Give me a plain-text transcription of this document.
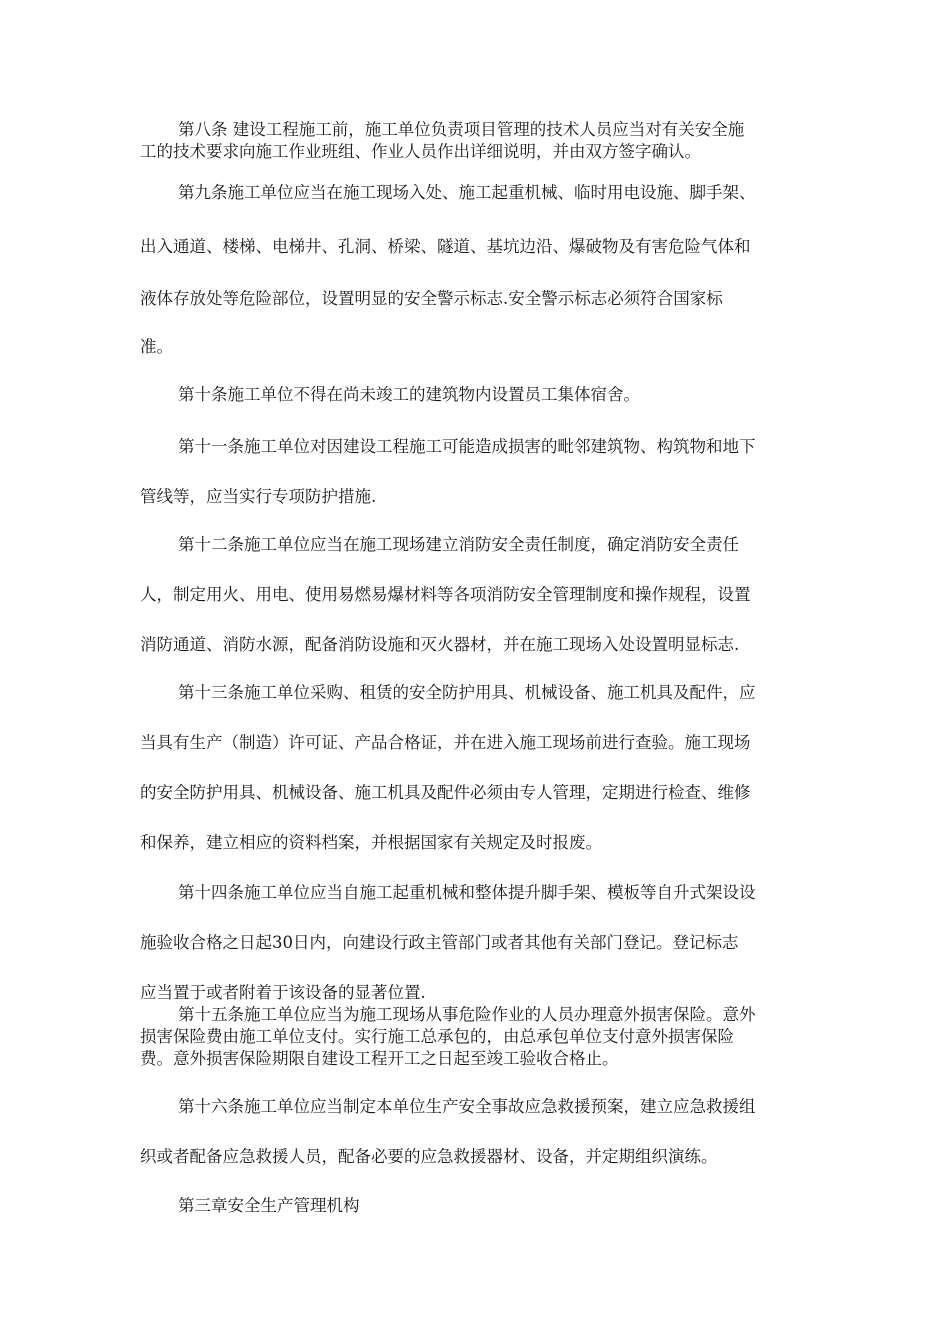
第八条 建设工程施工前，施工单位负责项目管理的技术人员应当对有关安全施
工的技术要求向施工作业班组、作业人员作出详细说明，并由双方签字确认。
第九条施工单位应当在施工现场入处、施工起重机械、临时用电设施、脚手架、
出入通道、楼梯、电梯井、孔洞、桥梁、隧道、基坑边沿、爆破物及有害危险气体和
液体存放处等危险部位，设置明显的安全警示标志.安全警示标志必须符合国家标
准。
第十条施工单位不得在尚未竣工的建筑物内设置员工集体宿舍。
第十一条施工单位对因建设工程施工可能造成损害的毗邻建筑物、构筑物和地下
管线等，应当实行专项防护措施.
第十二条施工单位应当在施工现场建立消防安全责任制度，确定消防安全责任
人，制定用火、用电、使用易燃易爆材料等各项消防安全管理制度和操作规程，设置
消防通道、消防水源，配备消防设施和灭火器材，并在施工现场入处设置明显标志.
第十三条施工单位采购、租赁的安全防护用具、机械设备、施工机具及配件，应
当具有生产（制造）许可证、产品合格证，并在进入施工现场前进行查验。施工现场
的安全防护用具、机械设备、施工机具及配件必须由专人管理，定期进行检查、维修
和保养，建立相应的资料档案，并根据国家有关规定及时报废。
第十四条施工单位应当自施工起重机械和整体提升脚手架、模板等自升式架设设
施验收合格之日起30日内，向建设行政主管部门或者其他有关部门登记。登记标志
应当置于或者附着于该设备的显著位置.
第十五条施工单位应当为施工现场从事危险作业的人员办理意外损害保险。意外
损害保险费由施工单位支付。实行施工总承包的，由总承包单位支付意外损害保险
费。意外损害保险期限自建设工程开工之日起至竣工验收合格止。
第十六条施工单位应当制定本单位生产安全事故应急救援预案，建立应急救援组
织或者配备应急救援人员，配备必要的应急救援器材、设备，并定期组织演练。
第三章安全生产管理机构
